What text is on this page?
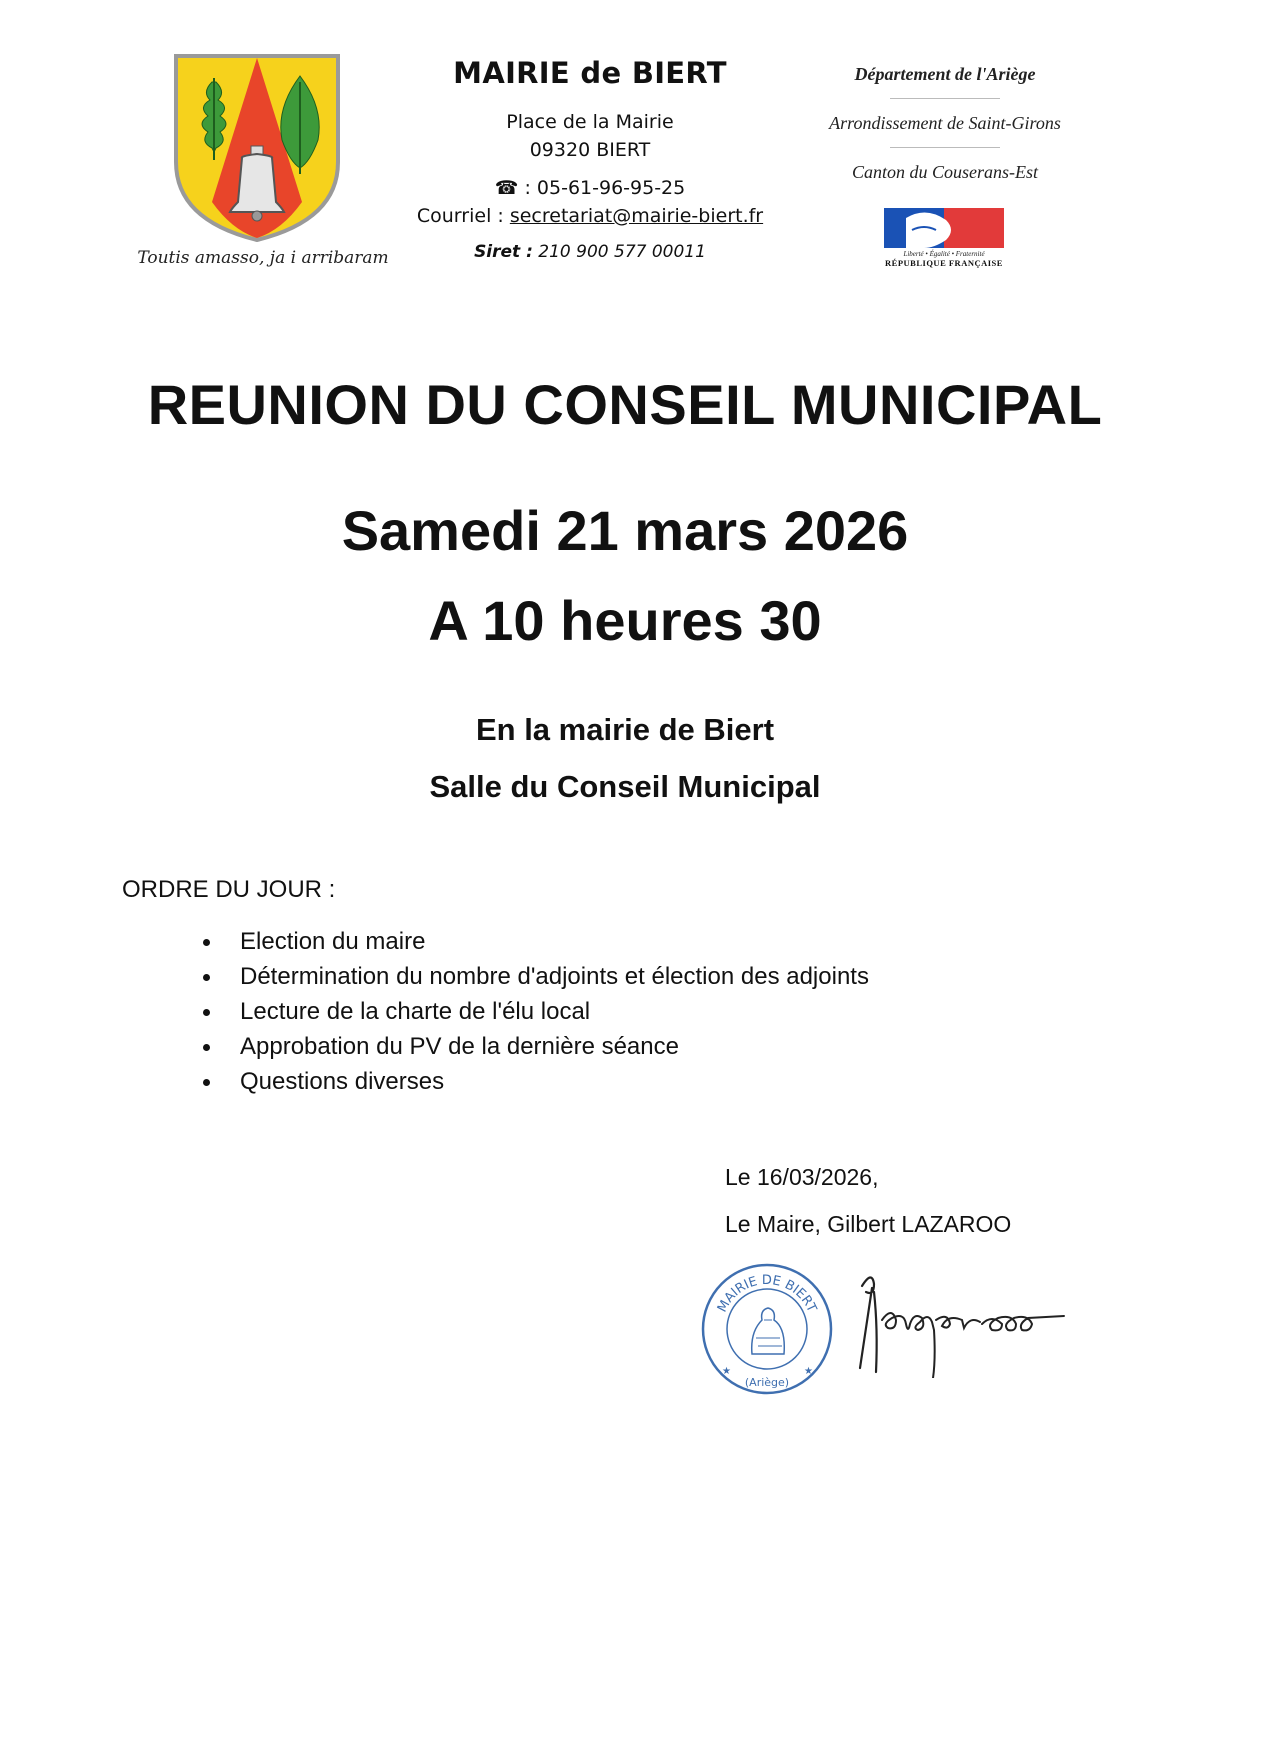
Toutis amasso, ja i arribaram
MAIRIE de BIERT
Place de la Mairie
09320 BIERT
☎ : 05-61-96-95-25
Courriel : secretariat@mairie-biert.fr
Siret : 210 900 577 00011
Département de l'Ariège
Arrondissement de Saint-Girons
Canton du Couserans-Est
Liberté • Égalité • Fraternité
RÉPUBLIQUE FRANÇAISE
REUNION DU CONSEIL MUNICIPAL
Samedi 21 mars 2026
A 10 heures 30
En la mairie de Biert
Salle du Conseil Municipal
ORDRE DU JOUR :
Election du maire
Détermination du nombre d'adjoints et élection des adjoints
Lecture de la charte de l'élu local
Approbation du PV de la dernière séance
Questions diverses
Le 16/03/2026,
Le Maire, Gilbert LAZAROO
MAIRIE DE BIERT
(Ariège)
★	★
